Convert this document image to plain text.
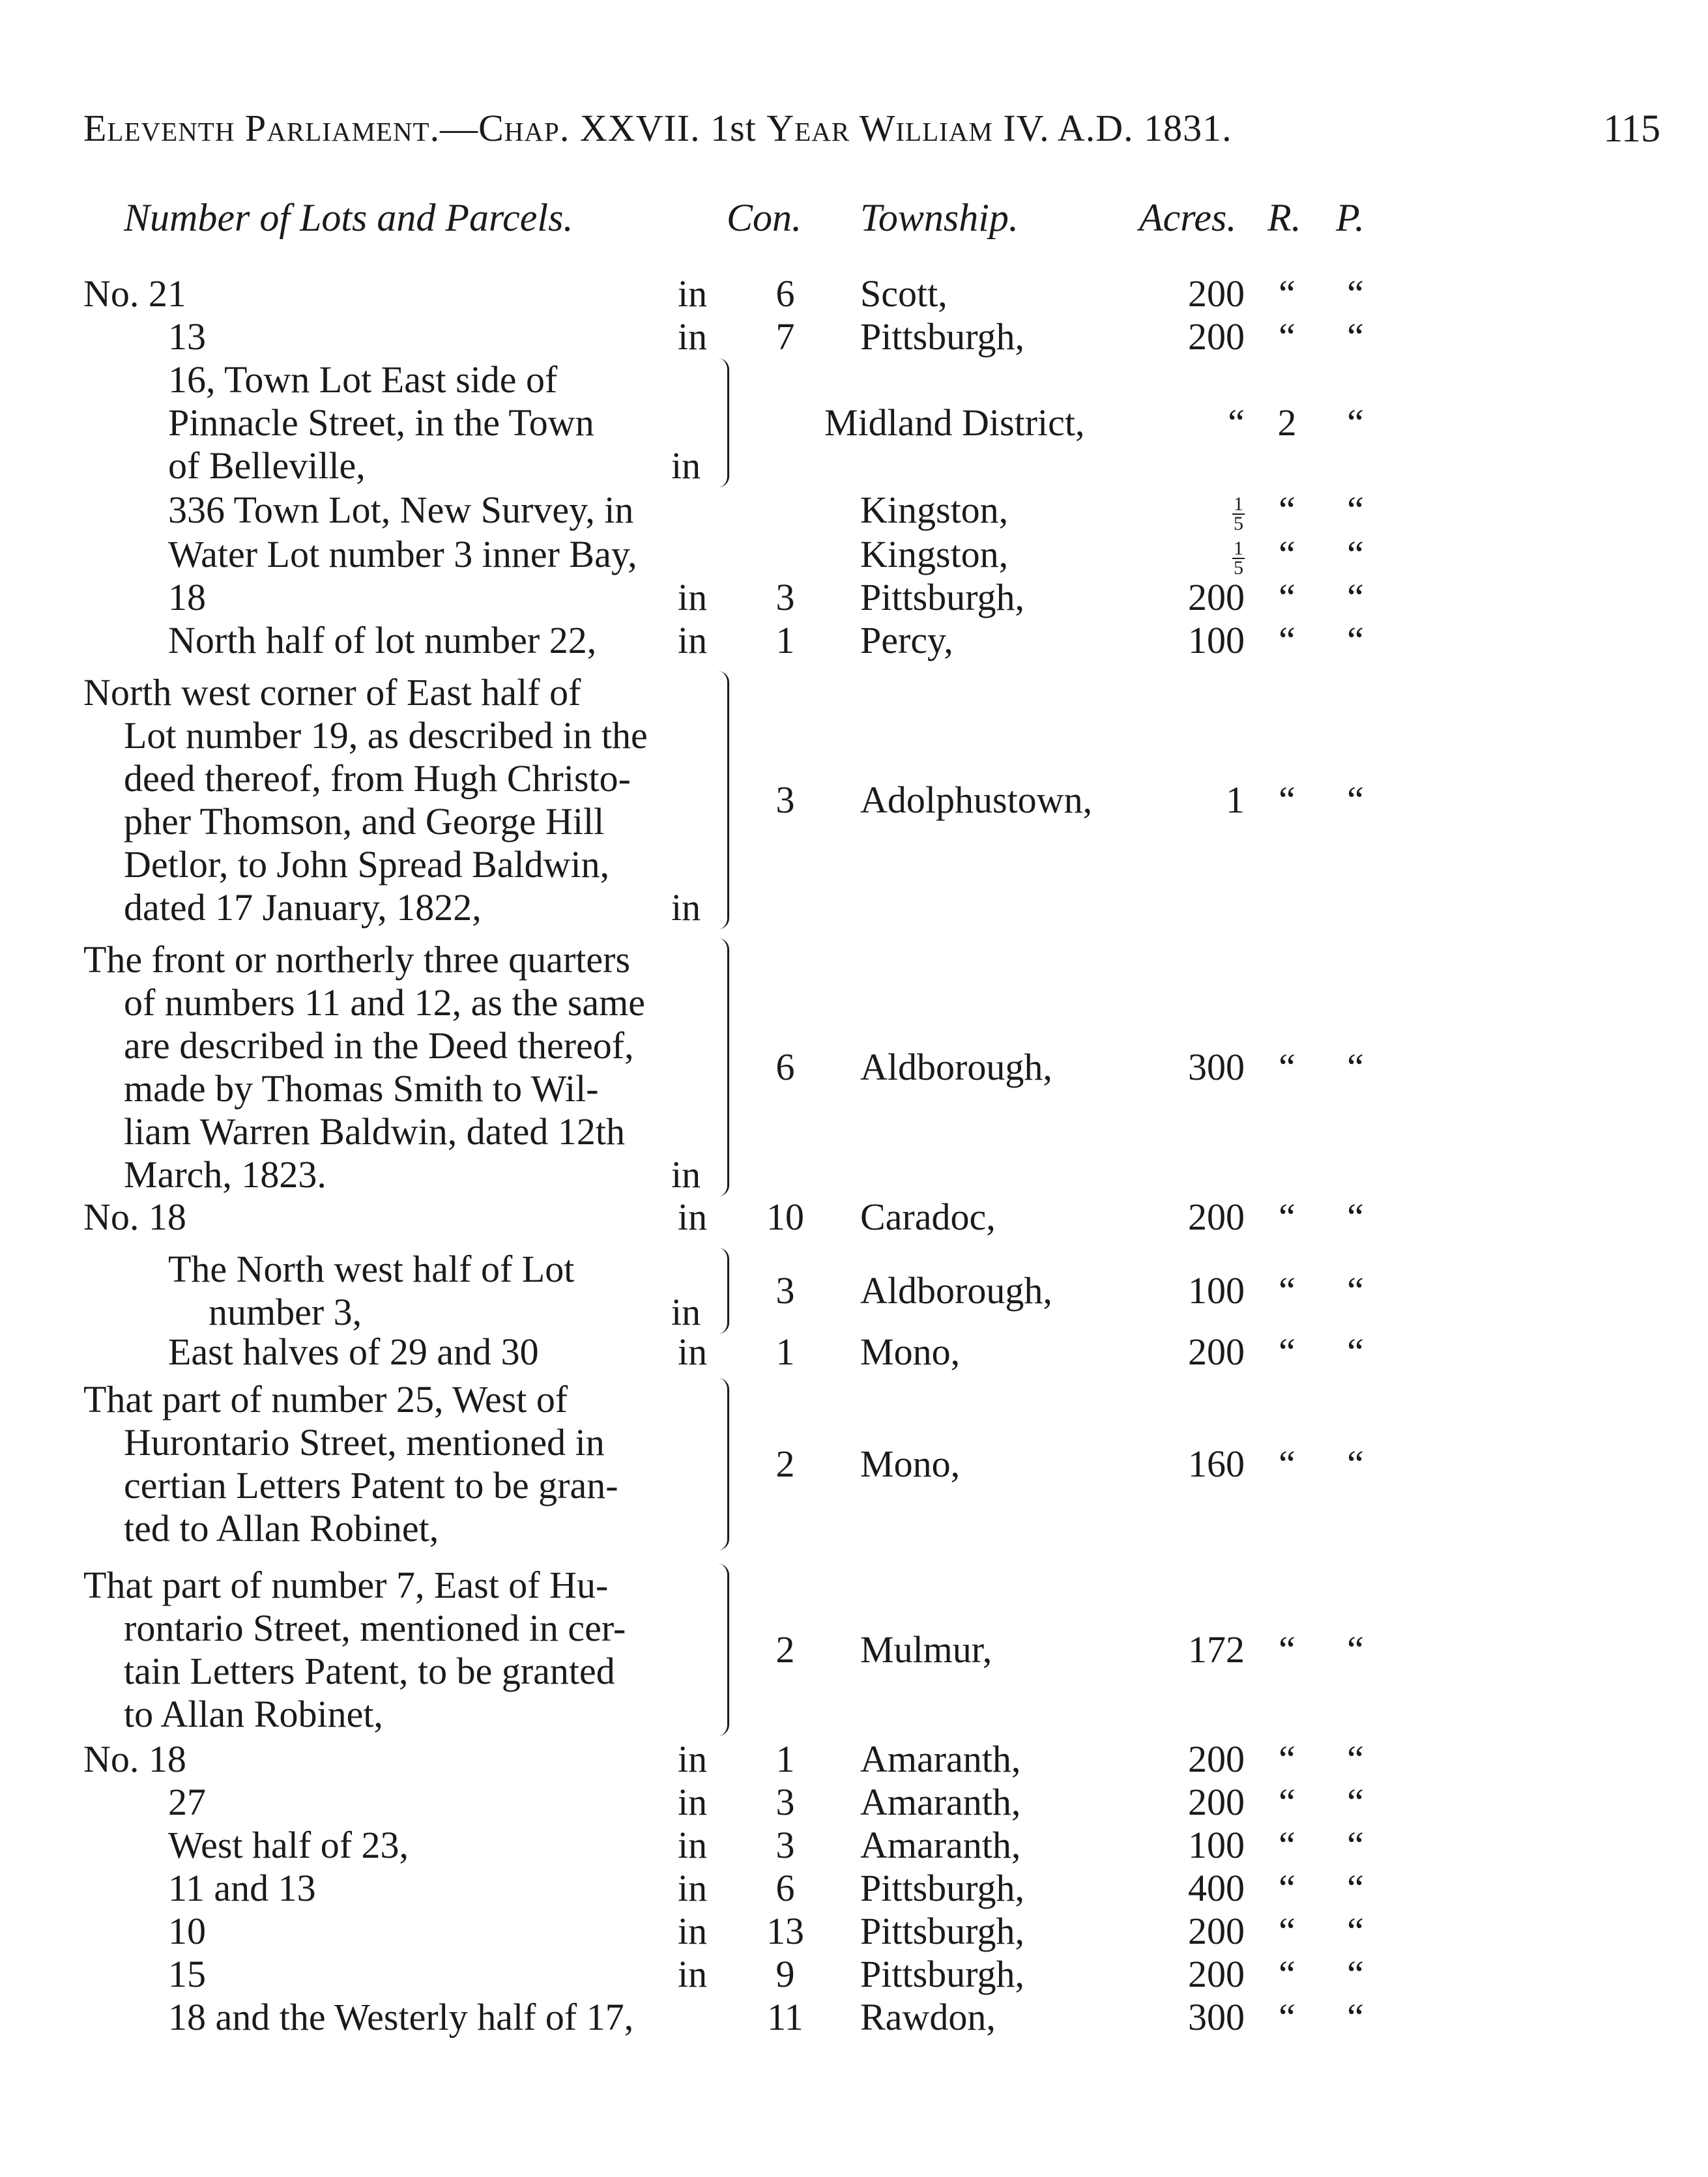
Eleventh Parliament.—Chap. XXVII. 1st Year William IV. A.D. 1831.	115
Number of Lots and Parcels.	Con. Township.	Acres. R. P.
No. 21	in	6	Scott,	200 “ “
13	in	7	Pittsburgh,	200 “ “
16, Town Lot East side of
Pinnacle Street, in the Town
of Belleville,	in
Midland District,	“ 2 “
336 Town Lot, New Survey, in	Kingston,	$\frac{1}{5}$ “ “
Water Lot number 3 inner Bay,	Kingston,	$\frac{1}{5}$ “ “
18	in	3	Pittsburgh,	200 “ “
North half of lot number 22, in	1	Percy,	100 “ “
North west corner of East half of
Lot number 19, as described in the
deed thereof, from Hugh Christo-
pher Thomson, and George Hill
Detlor, to John Spread Baldwin,
dated 17 January, 1822,	in
3	Adolphustown,	1 “ “
The front or northerly three quarters
of numbers 11 and 12, as the same
are described in the Deed thereof,
made by Thomas Smith to Wil-
liam Warren Baldwin, dated 12th
March, 1823.	in
6	Aldborough,	300 “ “
No. 18	in	10	Caradoc,	200 “ “
The North west half of Lot
number 3,	in
3	Aldborough,	100 “ “
East halves of 29 and 30	in	1	Mono,	200 “ “
That part of number 25, West of
Hurontario Street, mentioned in
certian Letters Patent to be gran-
ted to Allan Robinet,
2	Mono,	160 “ “
That part of number 7, East of Hu-
rontario Street, mentioned in cer-
tain Letters Patent, to be granted
to Allan Robinet,
2	Mulmur,	172 “ “
No. 18	in	1	Amaranth,	200 “ “
27	in	3	Amaranth,	200 “ “
West half of 23,	in	3	Amaranth,	100 “ “
11 and 13	in	6	Pittsburgh,	400 “ “
10	in	13	Pittsburgh,	200 “ “
15	in	9	Pittsburgh,	200 “ “
18 and the Westerly half of 17,	11	Rawdon,	300 “ “
